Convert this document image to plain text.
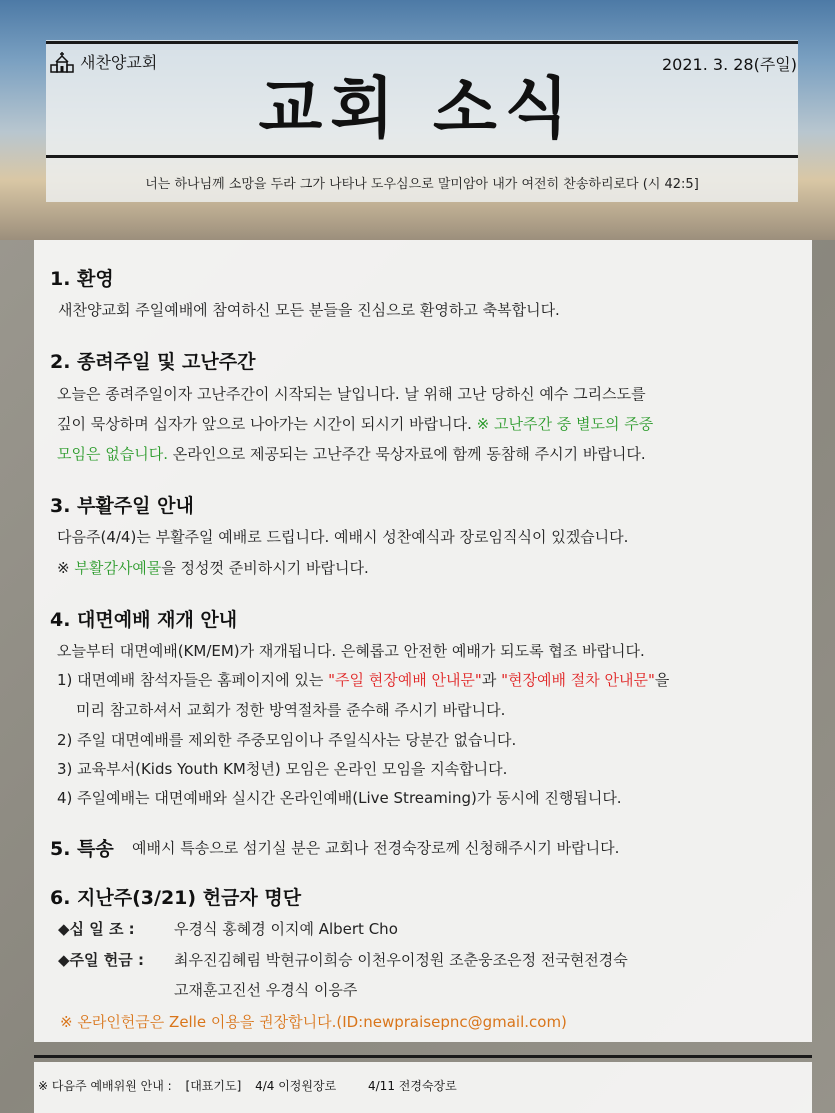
새찬양교회	2021. 3. 28(주일)
교회 소식
너는 하나님께 소망을 두라 그가 나타나 도우심으로 말미암아 내가 여전히 찬송하리로다 (시 42:5]
1. 환영
새찬양교회 주일예배에 참여하신 모든 분들을 진심으로 환영하고 축복합니다.
2. 종려주일 및 고난주간
오늘은 종려주일이자 고난주간이 시작되는 날입니다. 날 위해 고난 당하신 예수 그리스도를
깊이 묵상하며 십자가 앞으로 나아가는 시간이 되시기 바랍니다. ※ 고난주간 중 별도의 주중
모임은 없습니다. 온라인으로 제공되는 고난주간 묵상자료에 함께 동참해 주시기 바랍니다.
3. 부활주일 안내
다음주(4/4)는 부활주일 예배로 드립니다. 예배시 성찬예식과 장로임직식이 있겠습니다.
※ 부활감사예물을 정성껏 준비하시기 바랍니다.
4. 대면예배 재개 안내
오늘부터 대면예배(KM/EM)가 재개됩니다. 은혜롭고 안전한 예배가 되도록 협조 바랍니다.
1) 대면예배 참석자들은 홈페이지에 있는 "주일 현장예배 안내문"과 "현장예배 절차 안내문"을
미리 참고하셔서 교회가 정한 방역절차를 준수해 주시기 바랍니다.
2) 주일 대면예배를 제외한 주중모임이나 주일식사는 당분간 없습니다.
3) 교육부서(Kids Youth KM청년) 모임은 온라인 모임을 지속합니다.
4) 주일예배는 대면예배와 실시간 온라인예배(Live Streaming)가 동시에 진행됩니다.
5. 특송 예배시 특송으로 섬기실 분은 교회나 전경숙장로께 신청해주시기 바랍니다.
6. 지난주(3/21) 헌금자 명단
◆십 일 조 :	우경식 홍혜경 이지예 Albert Cho
◆주일 헌금 : 최우진김혜림 박현규이희승 이천우이정원 조춘웅조은정 전국현전경숙
고재훈고진선 우경식 이응주
※ 온라인헌금은 Zelle 이용을 권장합니다.(ID:newpraisepnc@gmail.com)
※ 다음주 예배위원 안내 : [대표기도] 4/4 이정원장로	4/11 전경숙장로
